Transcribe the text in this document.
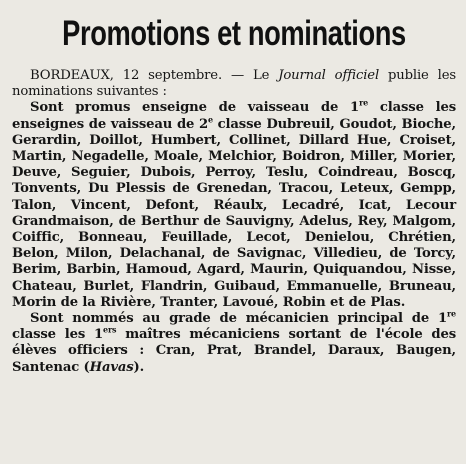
Promotions et nominations

BORDEAUX, 12 septembre. — Le Journal officiel publie les nominations suivantes :

Sont promus enseigne de vaisseau de 1re classe les enseignes de vaisseau de 2e classe Dubreuil, Goudot, Bioche, Gerardin, Doillot, Humbert, Collinet, Dillard Hue, Croiset, Martin, Negadelle, Moale, Melchior, Boidron, Miller, Morier, Deuve, Seguier, Dubois, Perroy, Teslu, Coindreau, Boscq, Tonvents, Du Plessis de Grenedan, Tracou, Leteux, Gempp, Talon, Vincent, Defont, Réaulx, Lecadré, Icat, Lecour Grandmaison, de Berthur de Sauvigny, Adelus, Rey, Malgom, Coiffic, Bonneau, Feuillade, Lecot, Denielou, Chrétien, Belon, Milon, Delachanal, de Savignac, Villedieu, de Torcy, Berim, Barbin, Hamoud, Agard, Maurin, Quiquandou, Nisse, Chateau, Burlet, Flandrin, Guibaud, Emmanuelle, Bruneau, Morin de la Rivière, Tranter, Lavoué, Robin et de Plas.

Sont nommés au grade de mécanicien principal de 1re classe les 1ers maîtres mécaniciens sortant de l'école des élèves officiers : Cran, Prat, Brandel, Daraux, Baugen, Santenac (Havas).
